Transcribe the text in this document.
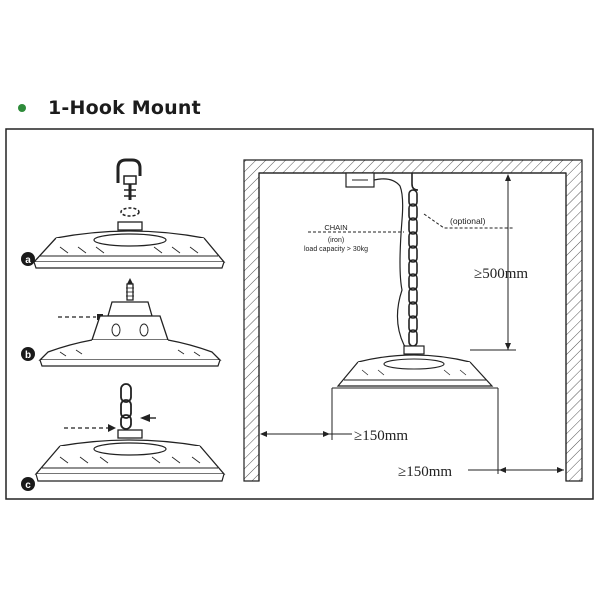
1-Hook Mount
a
b
c
(optional)
CHAIN
(iron)
load capacity > 30kg
≥500mm
≥150mm
≥150mm
